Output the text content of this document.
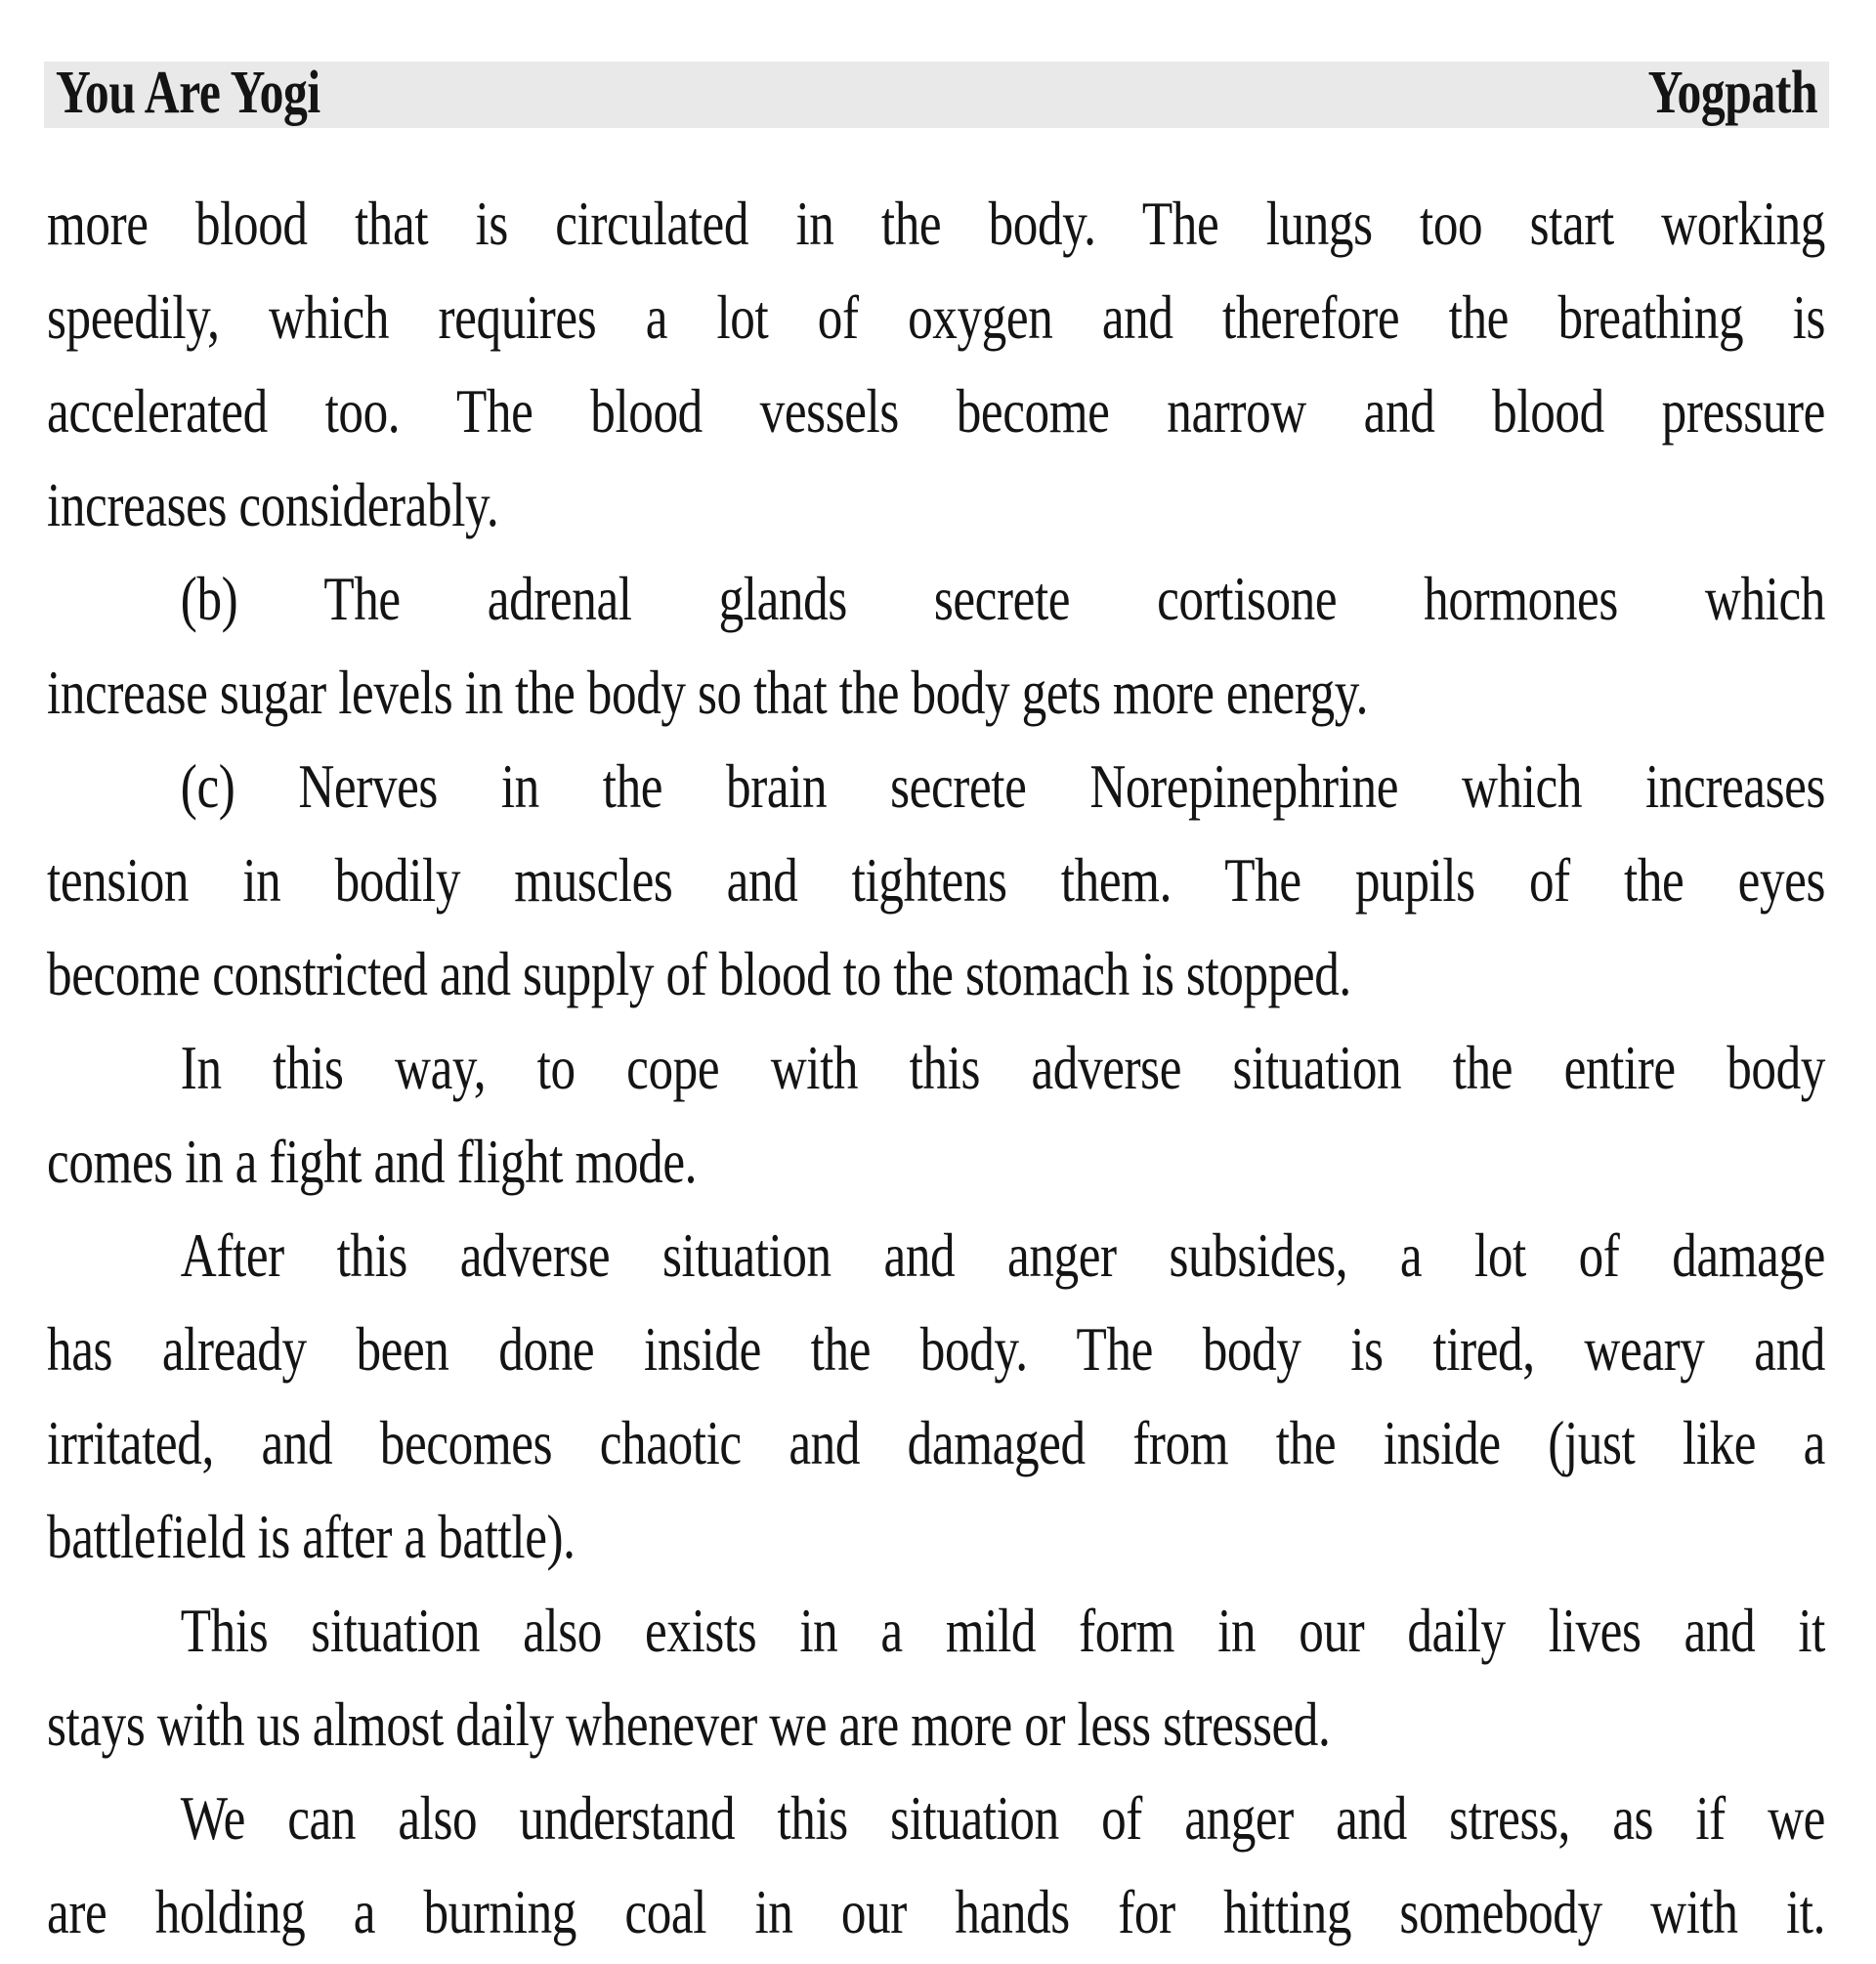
You Are Yogi	Yogpath
more blood that is circulated in the body. The lungs too start working
speedily, which requires a lot of oxygen and therefore the breathing is
accelerated too. The blood vessels become narrow and blood pressure
increases considerably.
(b) The adrenal glands secrete cortisone hormones which
increase sugar levels in the body so that the body gets more energy.
(c) Nerves in the brain secrete Norepinephrine which increases
tension in bodily muscles and tightens them. The pupils of the eyes
become constricted and supply of blood to the stomach is stopped.
In this way, to cope with this adverse situation the entire body
comes in a fight and flight mode.
After this adverse situation and anger subsides, a lot of damage
has already been done inside the body. The body is tired, weary and
irritated, and becomes chaotic and damaged from the inside (just like a
battlefield is after a battle).
This situation also exists in a mild form in our daily lives and it
stays with us almost daily whenever we are more or less stressed.
We can also understand this situation of anger and stress, as if we
are holding a burning coal in our hands for hitting somebody with it.
